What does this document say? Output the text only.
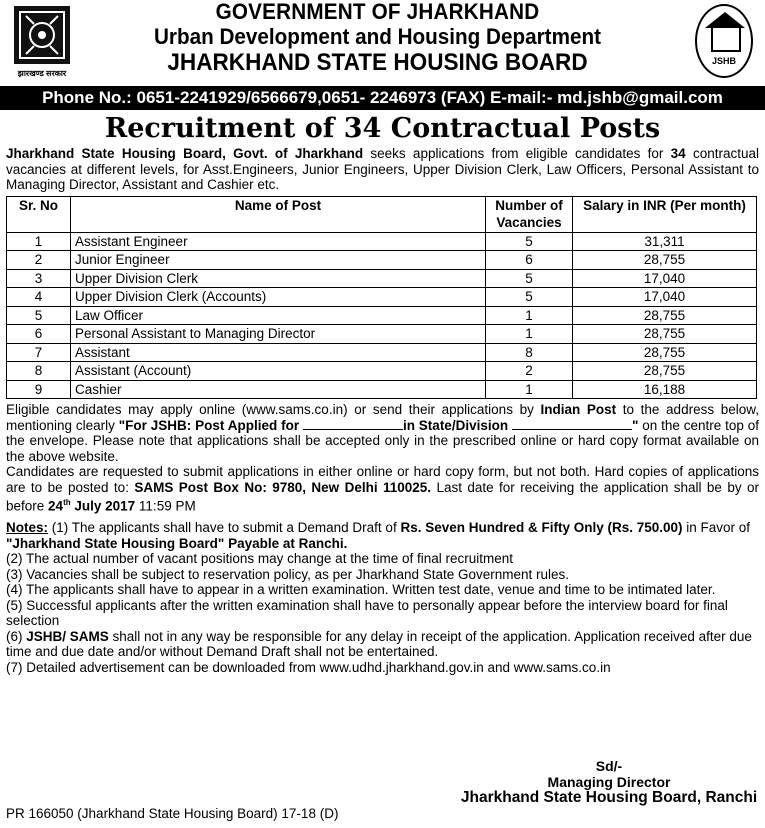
झारखण्ड सरकार
GOVERNMENT OF JHARKHAND
Urban Development and Housing Department
JHARKHAND STATE HOUSING BOARD	JSHB
Phone No.: 0651-2241929/6566679,0651- 2246973 (FAX) E-mail:- md.jshb@gmail.com
Recruitment of 34 Contractual Posts
Jharkhand State Housing Board, Govt. of Jharkhand seeks applications from eligible candidates for 34 contractual vacancies at different levels, for Asst.Engineers, Junior Engineers, Upper Division Clerk, Law Officers, Personal Assistant to Managing Director, Assistant and Cashier etc.
Sr. No	Name of Post	Number of Vacancies	Salary in INR (Per month)
1	Assistant Engineer	5	31,311
2	Junior Engineer	6	28,755
3	Upper Division Clerk	5	17,040
4	Upper Division Clerk (Accounts)	5	17,040
5	Law Officer	1	28,755
6	Personal Assistant to Managing Director	1	28,755
7	Assistant	8	28,755
8	Assistant (Account)	2	28,755
9	Cashier	1	16,188
Eligible candidates may apply online (www.sams.co.in) or send their applications by Indian Post to the address below, mentioning clearly "For JSHB: Post Applied for	in State/Division	" on the centre top of the envelope. Please note that applications shall be accepted only in the prescribed online or hard copy format available on the above website.
Candidates are requested to submit applications in either online or hard copy form, but not both. Hard copies of applications are to be posted to: SAMS Post Box No: 9780, New Delhi 110025. Last date for receiving the application shall be by or before 24th July 2017 11:59 PM
Notes: (1) The applicants shall have to submit a Demand Draft of Rs. Seven Hundred & Fifty Only (Rs. 750.00) in Favor of "Jharkhand State Housing Board" Payable at Ranchi.
(2) The actual number of vacant positions may change at the time of final recruitment
(3) Vacancies shall be subject to reservation policy, as per Jharkhand State Government rules.
(4) The applicants shall have to appear in a written examination. Written test date, venue and time to be intimated later.
(5) Successful applicants after the written examination shall have to personally appear before the interview board for final selection
(6) JSHB/ SAMS shall not in any way be responsible for any delay in receipt of the application. Application received after due time and due date and/or without Demand Draft shall not be entertained.
(7) Detailed advertisement can be downloaded from www.udhd.jharkhand.gov.in and www.sams.co.in
Sd/-
Managing Director
Jharkhand State Housing Board, Ranchi
PR 166050 (Jharkhand State Housing Board) 17-18 (D)
